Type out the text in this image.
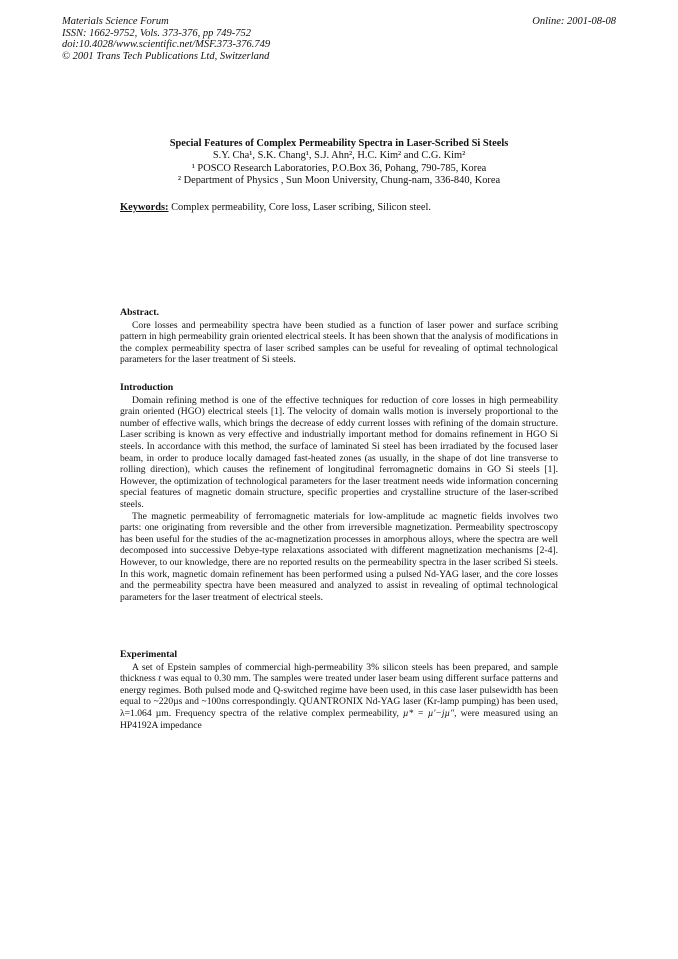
Materials Science Forum
ISSN: 1662-9752, Vols. 373-376, pp 749-752
doi:10.4028/www.scientific.net/MSF.373-376.749
© 2001 Trans Tech Publications Ltd, Switzerland
Online: 2001-08-08
Special Features of Complex Permeability Spectra in Laser-Scribed Si Steels
S.Y. Cha¹, S.K. Chang¹, S.J. Ahn², H.C. Kim² and C.G. Kim²
¹ POSCO Research Laboratories, P.O.Box 36, Pohang, 790-785, Korea
² Department of Physics , Sun Moon University, Chung-nam, 336-840, Korea
Keywords: Complex permeability, Core loss, Laser scribing, Silicon steel.
Abstract.

Core losses and permeability spectra have been studied as a function of laser power and surface scribing pattern in high permeability grain oriented electrical steels. It has been shown that the analysis of modifications in the complex permeability spectra of laser scribed samples can be useful for revealing of optimal technological parameters for the laser treatment of Si steels.

Introduction

Domain refining method is one of the effective techniques for reduction of core losses in high permeability grain oriented (HGO) electrical steels [1]. The velocity of domain walls motion is inversely proportional to the number of effective walls, which brings the decrease of eddy current losses with refining of the domain structure. Laser scribing is known as very effective and industrially important method for domains refinement in HGO Si steels. In accordance with this method, the surface of laminated Si steel has been irradiated by the focused laser beam, in order to produce locally damaged fast-heated zones (as usually, in the shape of dot line transverse to rolling direction), which causes the refinement of longitudinal ferromagnetic domains in GO Si steels [1]. However, the optimization of technological parameters for the laser treatment needs wide information concerning special features of magnetic domain structure, specific properties and crystalline structure of the laser-scribed steels.

The magnetic permeability of ferromagnetic materials for low-amplitude ac magnetic fields involves two parts: one originating from reversible and the other from irreversible magnetization. Permeability spectroscopy has been useful for the studies of the ac-magnetization processes in amorphous alloys, where the spectra are well decomposed into successive Debye-type relaxations associated with different magnetization mechanisms [2-4]. However, to our knowledge, there are no reported results on the permeability spectra in the laser scribed Si steels. In this work, magnetic domain refinement has been performed using a pulsed Nd-YAG laser, and the core losses and the permeability spectra have been measured and analyzed to assist in revealing of optimal technological parameters for the laser treatment of electrical steels.

Experimental

A set of Epstein samples of commercial high-permeability 3% silicon steels has been prepared, and sample thickness t was equal to 0.30 mm. The samples were treated under laser beam using different surface patterns and energy regimes. Both pulsed mode and Q-switched regime have been used, in this case laser pulsewidth has been equal to ~220µs and ~100ns correspondingly. QUANTRONIX Nd-YAG laser (Kr-lamp pumping) has been used, λ=1.064 µm. Frequency spectra of the relative complex permeability, µ* = µ'−jµ", were measured using an HP4192A impedance
